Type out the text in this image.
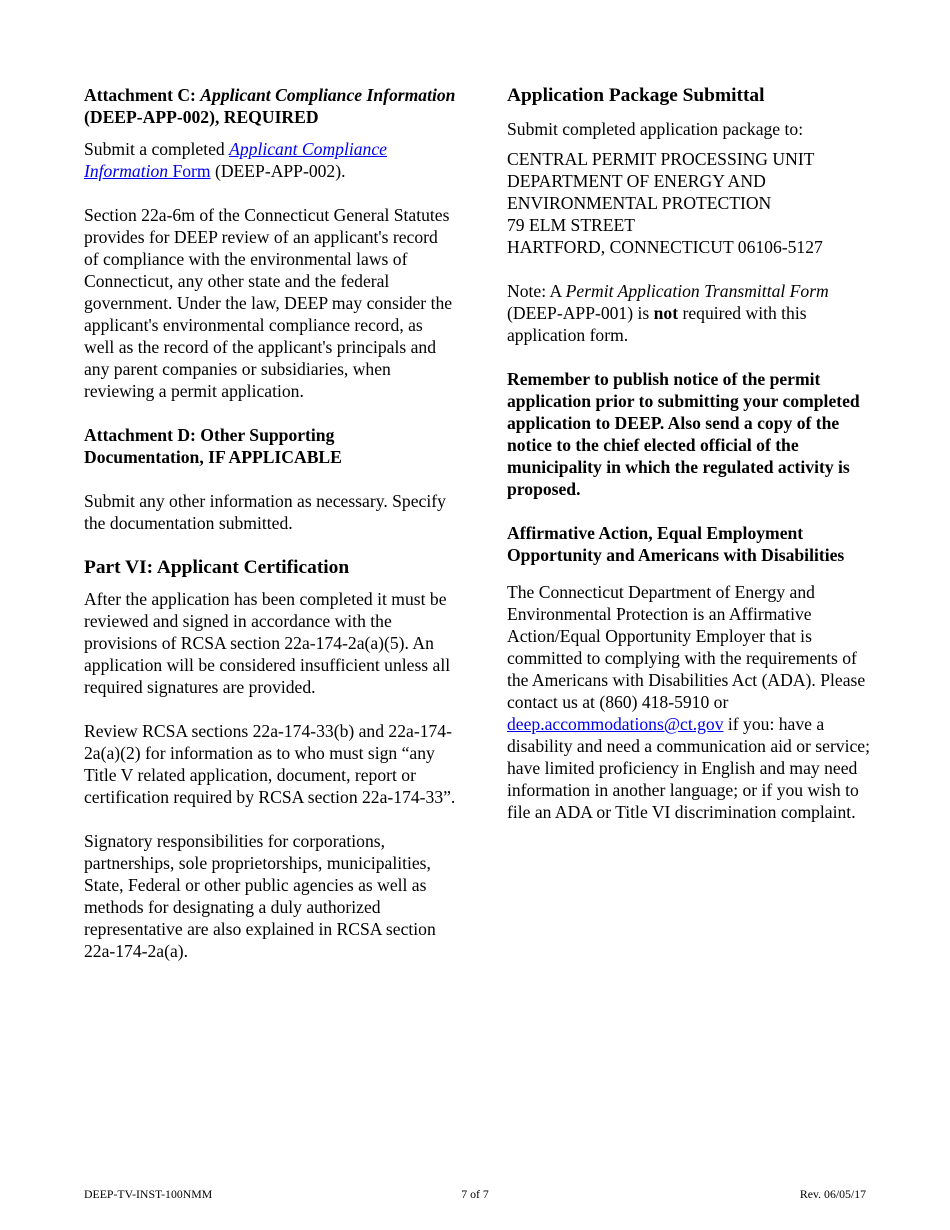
Attachment C: Applicant Compliance Information (DEEP-APP-002), REQUIRED

Submit a completed Applicant Compliance Information Form (DEEP-APP-002).

Section 22a-6m of the Connecticut General Statutes provides for DEEP review of an applicant's record of compliance with the environmental laws of Connecticut, any other state and the federal government. Under the law, DEEP may consider the applicant's environmental compliance record, as well as the record of the applicant's principals and any parent companies or subsidiaries, when reviewing a permit application.

Attachment D: Other Supporting Documentation, IF APPLICABLE

Submit any other information as necessary. Specify the documentation submitted.

Part VI: Applicant Certification

After the application has been completed it must be reviewed and signed in accordance with the provisions of RCSA section 22a-174-2a(a)(5). An application will be considered insufficient unless all required signatures are provided.

Review RCSA sections 22a-174-33(b) and 22a-174-2a(a)(2) for information as to who must sign “any Title V related application, document, report or certification required by RCSA section 22a-174-33”.

Signatory responsibilities for corporations, partnerships, sole proprietorships, municipalities, State, Federal or other public agencies as well as methods for designating a duly authorized representative are also explained in RCSA section 22a-174-2a(a).

Application Package Submittal

Submit completed application package to:

CENTRAL PERMIT PROCESSING UNIT
DEPARTMENT OF ENERGY AND
ENVIRONMENTAL PROTECTION
79 ELM STREET
HARTFORD, CONNECTICUT 06106-5127

Note: A Permit Application Transmittal Form (DEEP-APP-001) is not required with this application form.

Remember to publish notice of the permit application prior to submitting your completed application to DEEP. Also send a copy of the notice to the chief elected official of the municipality in which the regulated activity is proposed.

Affirmative Action, Equal Employment Opportunity and Americans with Disabilities

The Connecticut Department of Energy and Environmental Protection is an Affirmative Action/Equal Opportunity Employer that is committed to complying with the requirements of the Americans with Disabilities Act (ADA). Please contact us at (860) 418-5910 or deep.accommodations@ct.gov if you: have a disability and need a communication aid or service; have limited proficiency in English and may need information in another language; or if you wish to file an ADA or Title VI discrimination complaint.

DEEP-TV-INST-100NMM	7 of 7	Rev. 06/05/17
